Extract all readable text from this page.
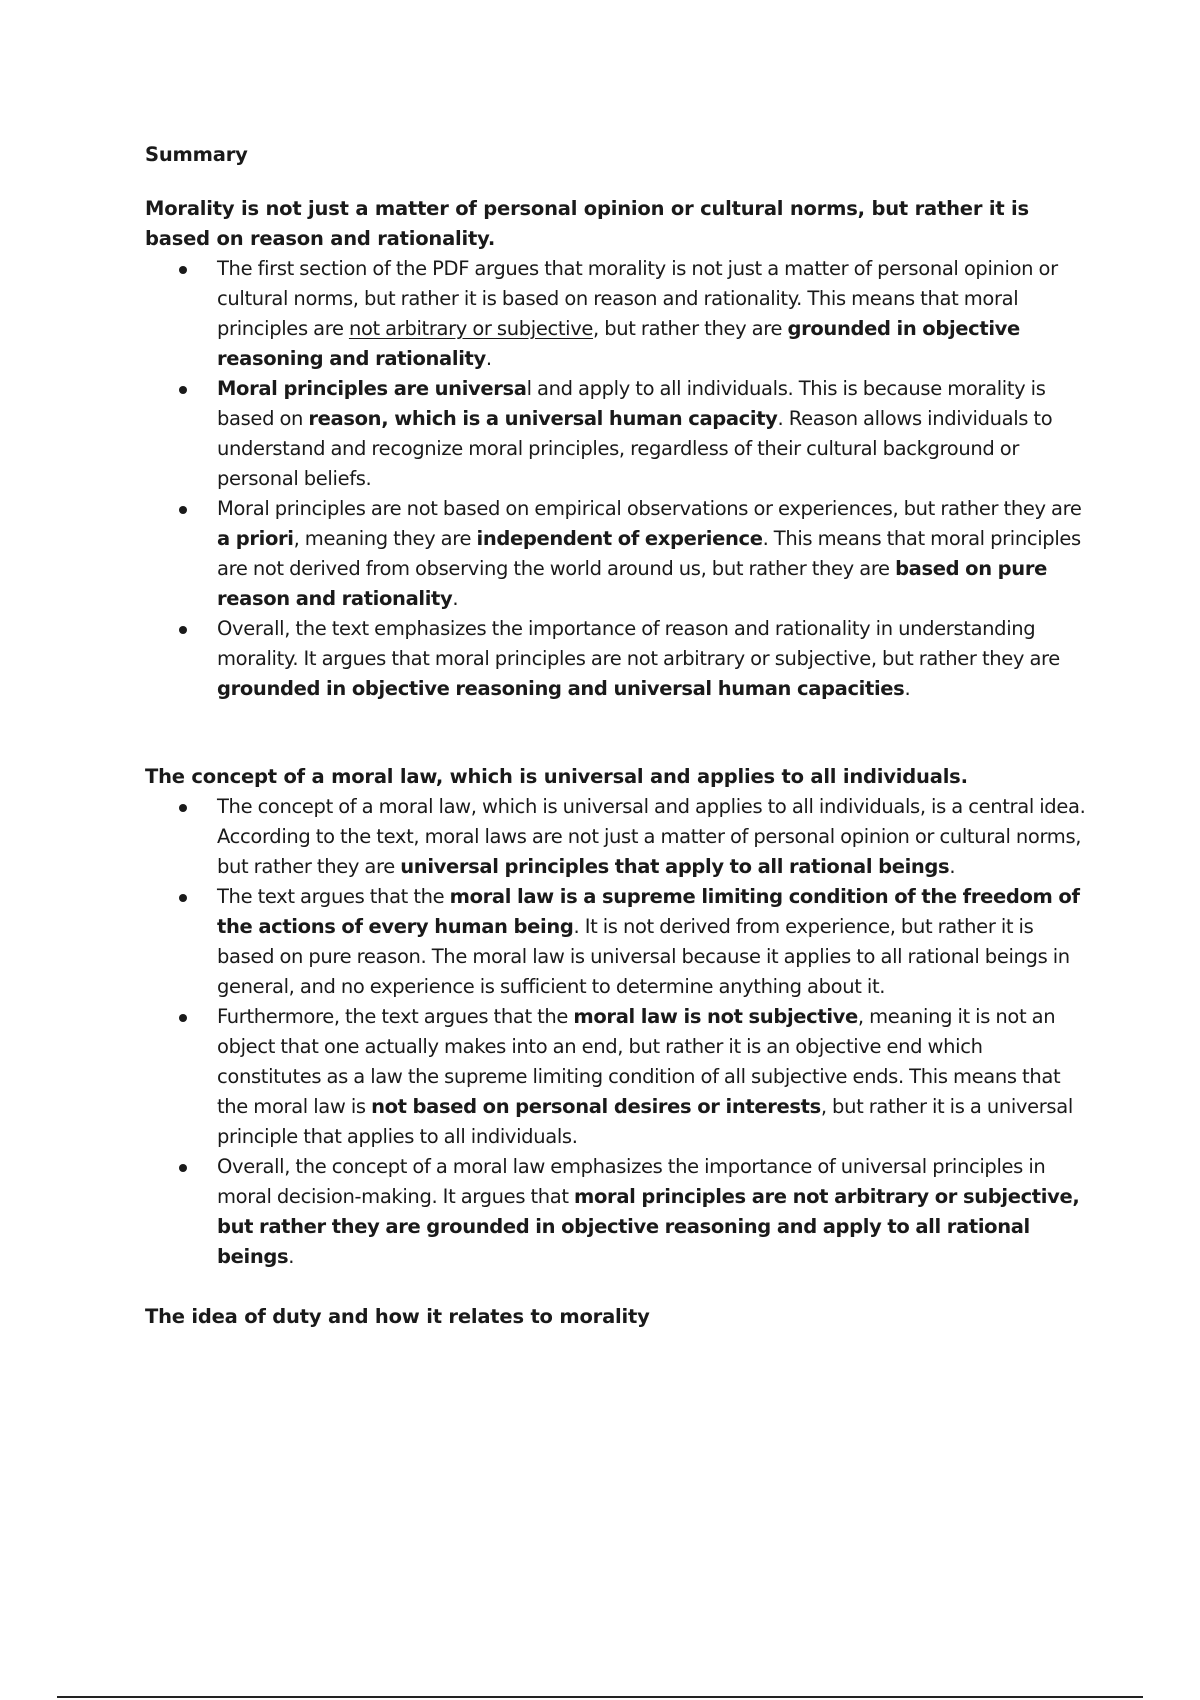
Summary
Morality is not just a matter of personal opinion or cultural norms, but rather it is based on reason and rationality.
The first section of the PDF argues that morality is not just a matter of personal opinion or cultural norms, but rather it is based on reason and rationality. This means that moral principles are not arbitrary or subjective, but rather they are grounded in objective reasoning and rationality.
Moral principles are universal and apply to all individuals. This is because morality is based on reason, which is a universal human capacity. Reason allows individuals to understand and recognize moral principles, regardless of their cultural background or personal beliefs.
Moral principles are not based on empirical observations or experiences, but rather they are a priori, meaning they are independent of experience. This means that moral principles are not derived from observing the world around us, but rather they are based on pure reason and rationality.
Overall, the text emphasizes the importance of reason and rationality in understanding morality. It argues that moral principles are not arbitrary or subjective, but rather they are grounded in objective reasoning and universal human capacities.
The concept of a moral law, which is universal and applies to all individuals.
The concept of a moral law, which is universal and applies to all individuals, is a central idea. According to the text, moral laws are not just a matter of personal opinion or cultural norms, but rather they are universal principles that apply to all rational beings.
The text argues that the moral law is a supreme limiting condition of the freedom of the actions of every human being. It is not derived from experience, but rather it is based on pure reason. The moral law is universal because it applies to all rational beings in general, and no experience is sufficient to determine anything about it.
Furthermore, the text argues that the moral law is not subjective, meaning it is not an object that one actually makes into an end, but rather it is an objective end which constitutes as a law the supreme limiting condition of all subjective ends. This means that the moral law is not based on personal desires or interests, but rather it is a universal principle that applies to all individuals.
Overall, the concept of a moral law emphasizes the importance of universal principles in moral decision-making. It argues that moral principles are not arbitrary or subjective, but rather they are grounded in objective reasoning and apply to all rational beings.
The idea of duty and how it relates to morality
